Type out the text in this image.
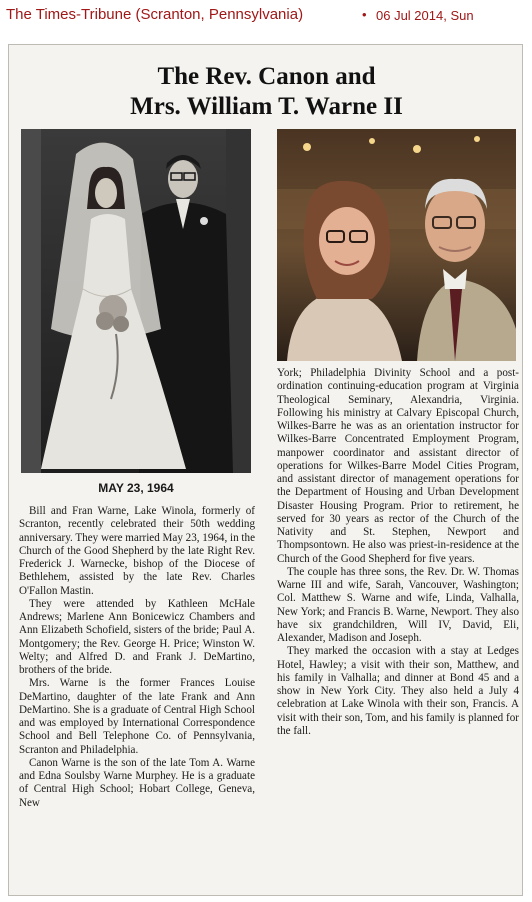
The Times-Tribune (Scranton, Pennsylvania)	• 06 Jul 2014, Sun
The Rev. Canon and
Mrs. William T. Warne II
MAY 23, 1964

Bill and Fran Warne, Lake Winola, formerly of Scranton, recently celebrated their 50th wedding anniversary. They were married May 23, 1964, in the Church of the Good Shepherd by the late Right Rev. Frederick J. Warnecke, bishop of the Diocese of Bethlehem, assisted by the late Rev. Charles O'Fallon Mastin.

They were attended by Kathleen McHale Andrews; Marlene Ann Bonicewicz Chambers and Ann Elizabeth Schofield, sisters of the bride; Paul A. Montgomery; the Rev. George H. Price; Winston W. Welty; and Alfred D. and Frank J. DeMartino, brothers of the bride.

Mrs. Warne is the former Frances Louise DeMartino, daughter of the late Frank and Ann DeMartino. She is a graduate of Central High School and was employed by International Correspondence School and Bell Telephone Co. of Pennsylvania, Scranton and Philadelphia.

Canon Warne is the son of the late Tom A. Warne and Edna Soulsby Warne Murphey. He is a graduate of Central High School; Hobart College, Geneva, New

York; Philadelphia Divinity School and a post-ordination continuing-education program at Virginia Theological Seminary, Alexandria, Virginia. Following his ministry at Calvary Episcopal Church, Wilkes-Barre he was as an orientation instructor for Wilkes-Barre Concentrated Employment Program, manpower coordinator and assistant director of operations for Wilkes-Barre Model Cities Program, and assistant director of management operations for the Department of Housing and Urban Development Disaster Housing Program. Prior to retirement, he served for 30 years as rector of the Church of the Nativity and St. Stephen, Newport and Thompsontown. He also was priest-in-residence at the Church of the Good Shepherd for five years.

The couple has three sons, the Rev. Dr. W. Thomas Warne III and wife, Sarah, Vancouver, Washington; Col. Matthew S. Warne and wife, Linda, Valhalla, New York; and Francis B. Warne, Newport. They also have six grandchildren, Will IV, David, Eli, Alexander, Madison and Joseph.

They marked the occasion with a stay at Ledges Hotel, Hawley; a visit with their son, Matthew, and his family in Valhalla; and dinner at Bond 45 and a show in New York City. They also held a July 4 celebration at Lake Winola with their son, Francis. A visit with their son, Tom, and his family is planned for the fall.
